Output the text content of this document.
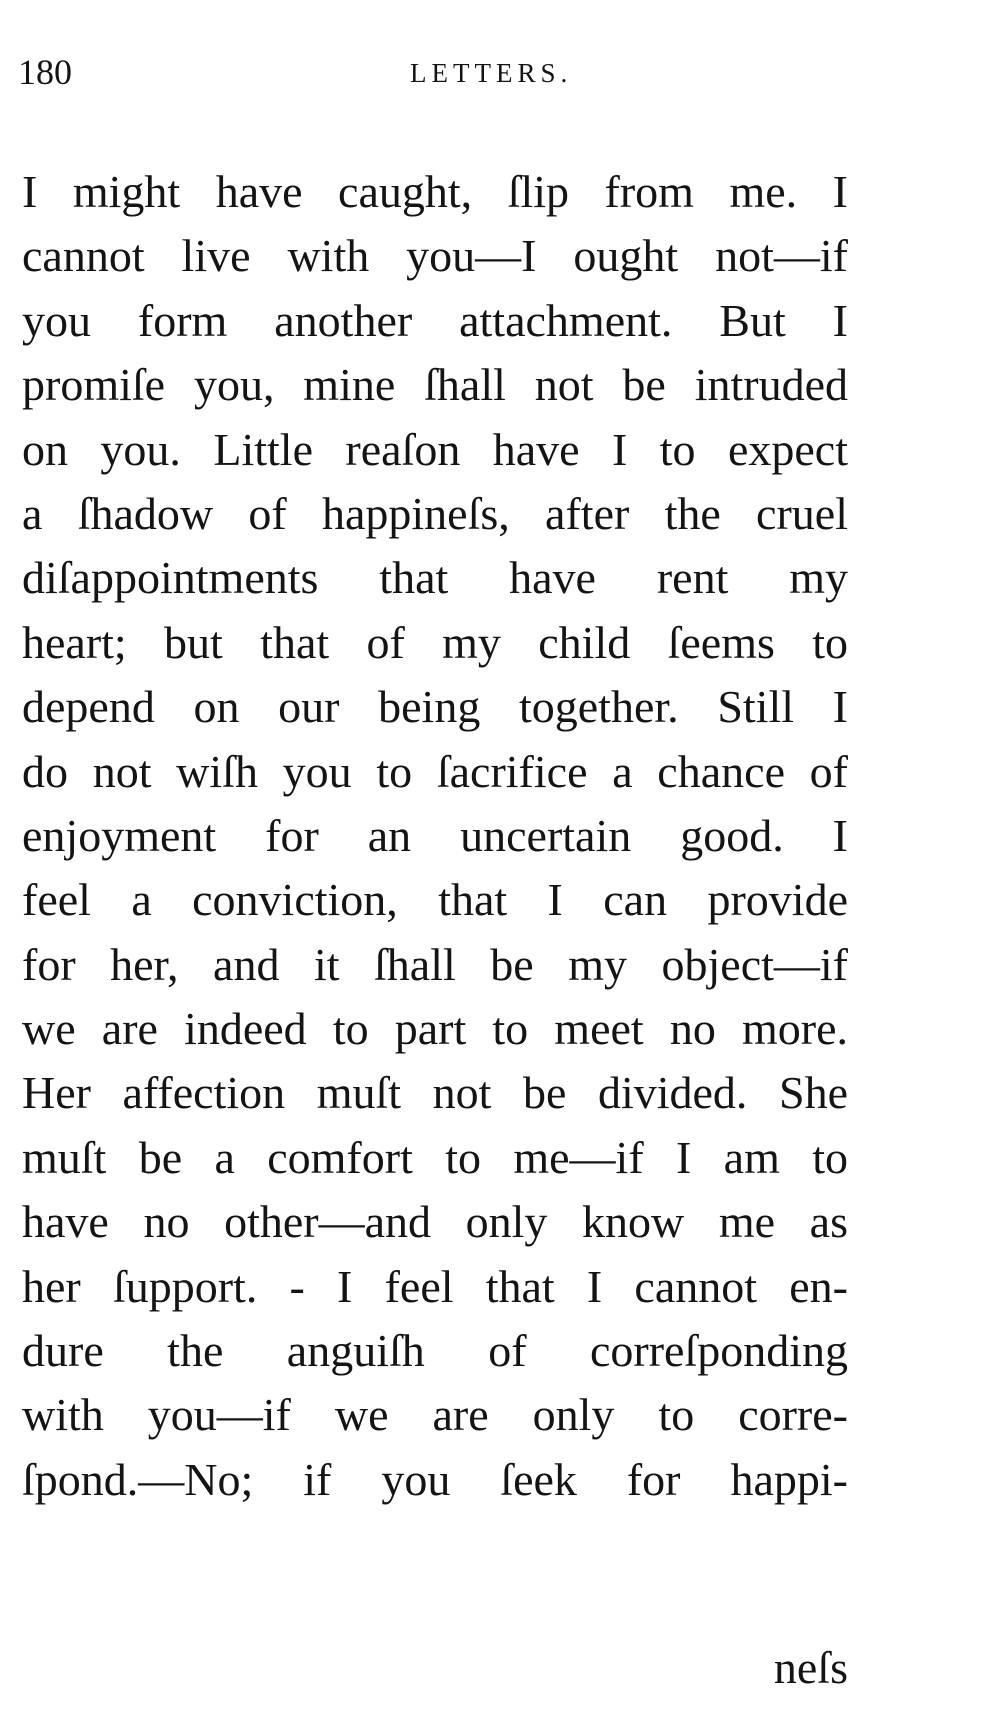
180	LETTERS.
I might have caught, ſlip from me. I
cannot live with you—I ought not—if
you form another attachment. But I
promiſe you, mine ſhall not be intruded
on you. Little reaſon have I to expect
a ſhadow of happineſs, after the cruel
diſappointments that have rent my
heart; but that of my child ſeems to
depend on our being together. Still I
do not wiſh you to ſacrifice a chance of
enjoyment for an uncertain good. I
feel a conviction, that I can provide
for her, and it ſhall be my object—if
we are indeed to part to meet no more.
Her affection muſt not be divided. She
muſt be a comfort to me—if I am to
have no other—and only know me as
her ſupport. - I feel that I cannot en-
dure the anguiſh of correſponding
with you—if we are only to corre-
ſpond.—No; if you ſeek for happi-
neſs
